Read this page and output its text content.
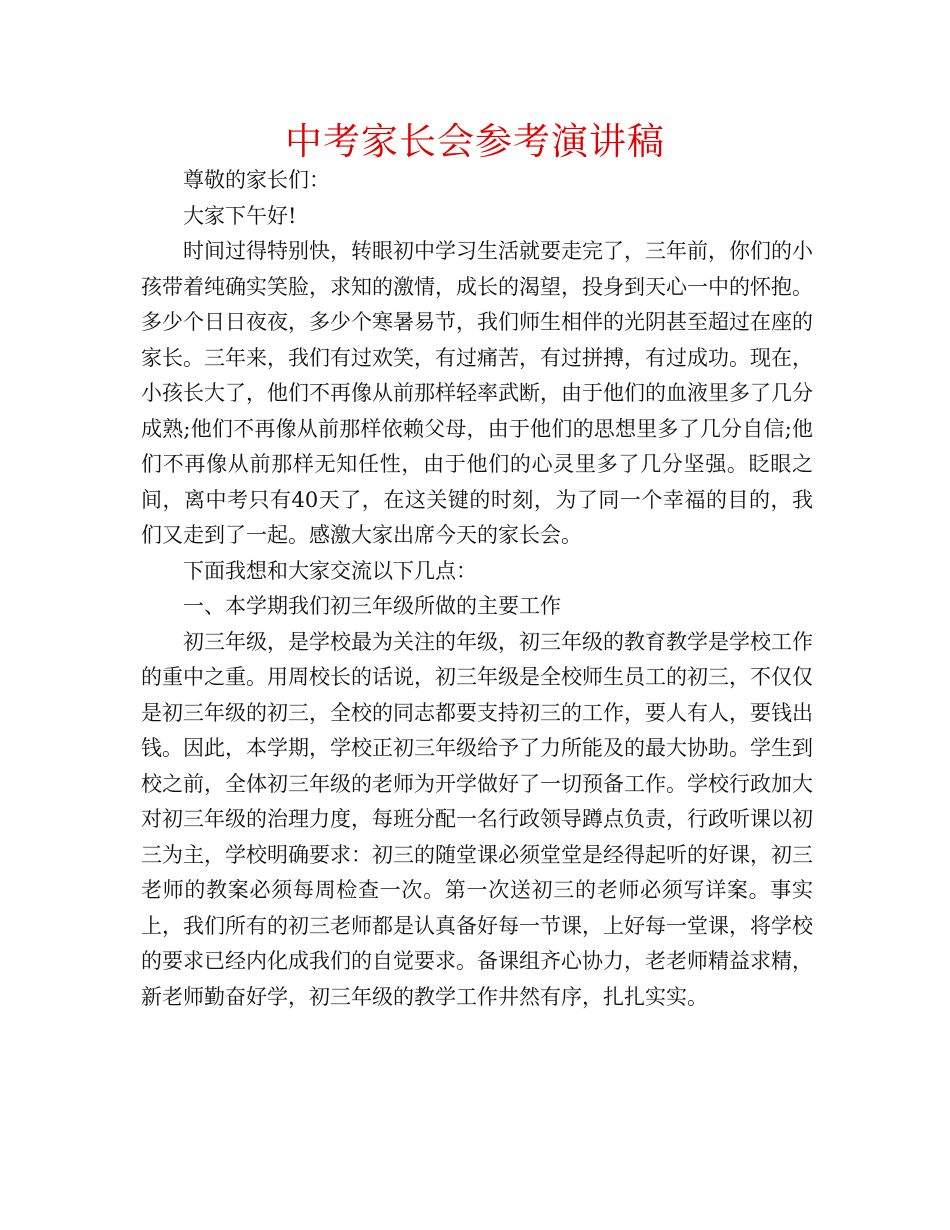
中考家长会参考演讲稿

尊敬的家长们：

大家下午好!

时间过得特别快，转眼初中学习生活就要走完了，三年前，你们的小孩带着纯确实笑脸，求知的激情，成长的渴望，投身到天心一中的怀抱。多少个日日夜夜，多少个寒暑易节，我们师生相伴的光阴甚至超过在座的家长。三年来，我们有过欢笑，有过痛苦，有过拼搏，有过成功。现在，小孩长大了，他们不再像从前那样轻率武断，由于他们的血液里多了几分成熟;他们不再像从前那样依赖父母，由于他们的思想里多了几分自信;他们不再像从前那样无知任性，由于他们的心灵里多了几分坚强。眨眼之间，离中考只有40天了，在这关键的时刻，为了同一个幸福的目的，我们又走到了一起。感激大家出席今天的家长会。

下面我想和大家交流以下几点：

一、本学期我们初三年级所做的主要工作

初三年级，是学校最为关注的年级，初三年级的教育教学是学校工作的重中之重。用周校长的话说，初三年级是全校师生员工的初三，不仅仅是初三年级的初三，全校的同志都要支持初三的工作，要人有人，要钱出钱。因此，本学期，学校正初三年级给予了力所能及的最大协助。学生到校之前，全体初三年级的老师为开学做好了一切预备工作。学校行政加大对初三年级的治理力度，每班分配一名行政领导蹲点负责，行政听课以初三为主，学校明确要求：初三的随堂课必须堂堂是经得起听的好课，初三老师的教案必须每周检查一次。第一次送初三的老师必须写详案。事实上，我们所有的初三老师都是认真备好每一节课，上好每一堂课，将学校的要求已经内化成我们的自觉要求。备课组齐心协力，老老师精益求精，新老师勤奋好学，初三年级的教学工作井然有序，扎扎实实。
